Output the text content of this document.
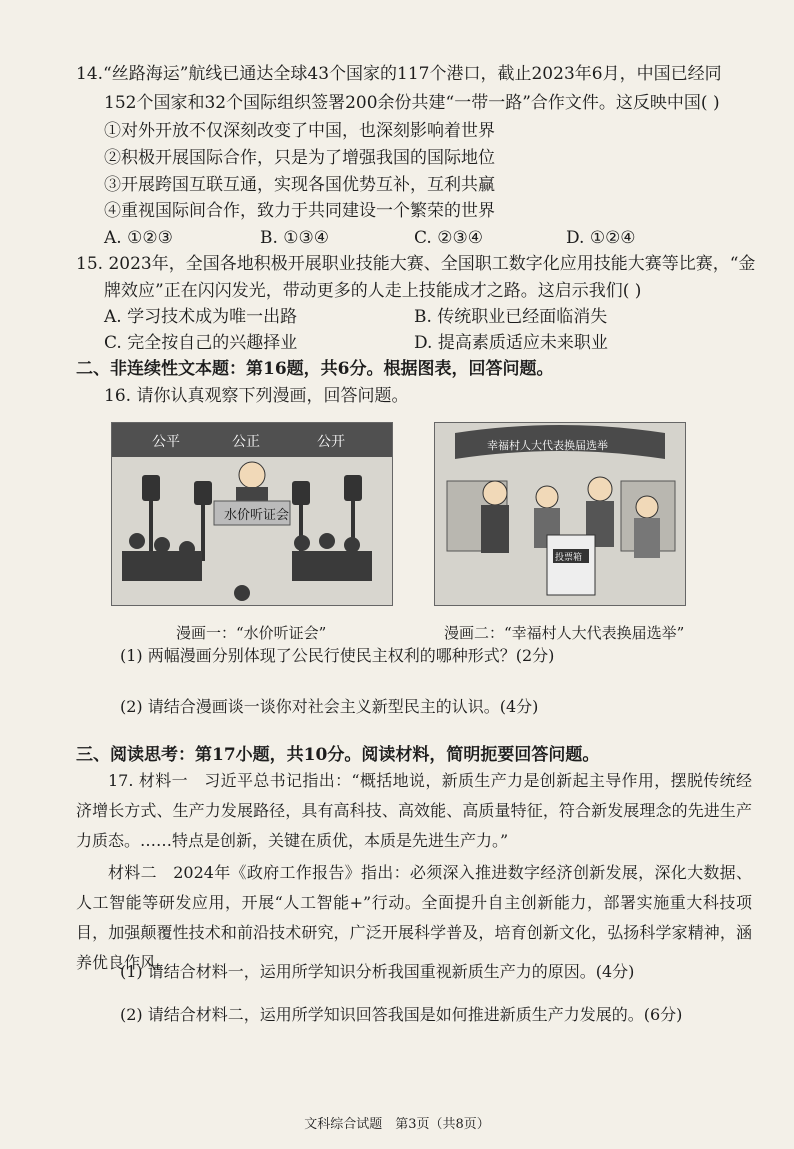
14.“丝路海运”航线已通达全球43个国家的117个港口，截止2023年6月，中国已经同
152个国家和32个国际组织签署200余份共建“一带一路”合作文件。这反映中国( )
①对外开放不仅深刻改变了中国，也深刻影响着世界
②积极开展国际合作，只是为了增强我国的国际地位
③开展跨国互联互通，实现各国优势互补，互利共赢
④重视国际间合作，致力于共同建设一个繁荣的世界
A. ①②③	B. ①③④	C. ②③④	D. ①②④
15. 2023年，全国各地积极开展职业技能大赛、全国职工数字化应用技能大赛等比赛，“金
牌效应”正在闪闪发光，带动更多的人走上技能成才之路。这启示我们( )
A. 学习技术成为唯一出路	B. 传统职业已经面临消失
C. 完全按自己的兴趣择业	D. 提高素质适应未来职业
二、非连续性文本题：第16题，共6分。根据图表，回答问题。
16. 请你认真观察下列漫画，回答问题。
公平	公正	公开
水价听证会
漫画一：“水价听证会”
幸福村人大代表换届选举
投票箱
漫画二：“幸福村人大代表换届选举”
(1) 两幅漫画分别体现了公民行使民主权利的哪种形式？(2分)
(2) 请结合漫画谈一谈你对社会主义新型民主的认识。(4分)
三、阅读思考：第17小题，共10分。阅读材料，简明扼要回答问题。
17. 材料一　习近平总书记指出：“概括地说，新质生产力是创新起主导作用，摆脱传统经济增长方式、生产力发展路径，具有高科技、高效能、高质量特征，符合新发展理念的先进生产力质态。……特点是创新，关键在质优，本质是先进生产力。”
材料二　2024年《政府工作报告》指出：必须深入推进数字经济创新发展，深化大数据、人工智能等研发应用，开展“人工智能+”行动。全面提升自主创新能力，部署实施重大科技项目，加强颠覆性技术和前沿技术研究，广泛开展科学普及，培育创新文化，弘扬科学家精神，涵养优良作风。
(1) 请结合材料一，运用所学知识分析我国重视新质生产力的原因。(4分)
(2) 请结合材料二，运用所学知识回答我国是如何推进新质生产力发展的。(6分)
文科综合试题　第3页（共8页）
